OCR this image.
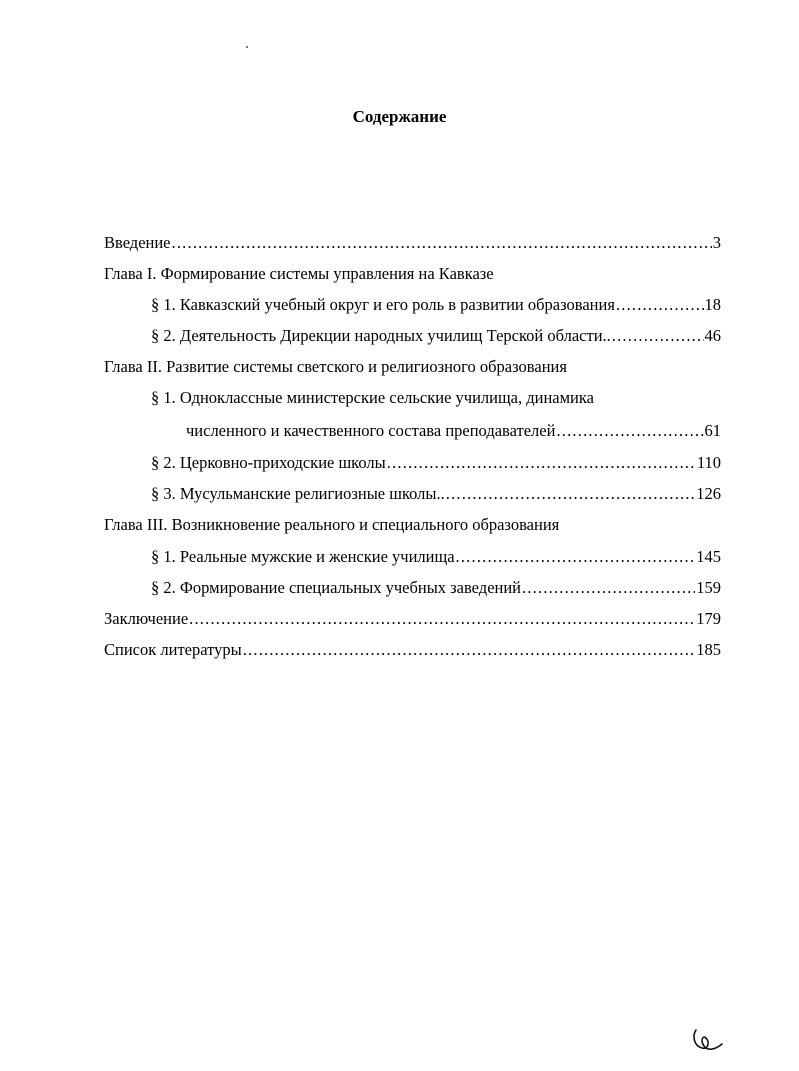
Содержание
Введение .....	3
Глава I. Формирование системы управления на Кавказе
§ 1. Кавказский учебный округ и его роль в развитии образования .....	18
§ 2. Деятельность Дирекции народных училищ Терской области.. .....	46
Глава II. Развитие системы светского и религиозного образования
§ 1. Одноклассные министерские сельские училища, динамика
численного и качественного состава преподавателей .....	61
§ 2. Церковно-приходские школы .....	110
§ 3. Мусульманские религиозные школы.. .....	126
Глава III. Возникновение реального и специального образования
§ 1. Реальные мужские и женские училища .....	145
§ 2. Формирование специальных учебных заведений .....	159
Заключение .....	179
Список литературы .....	185
